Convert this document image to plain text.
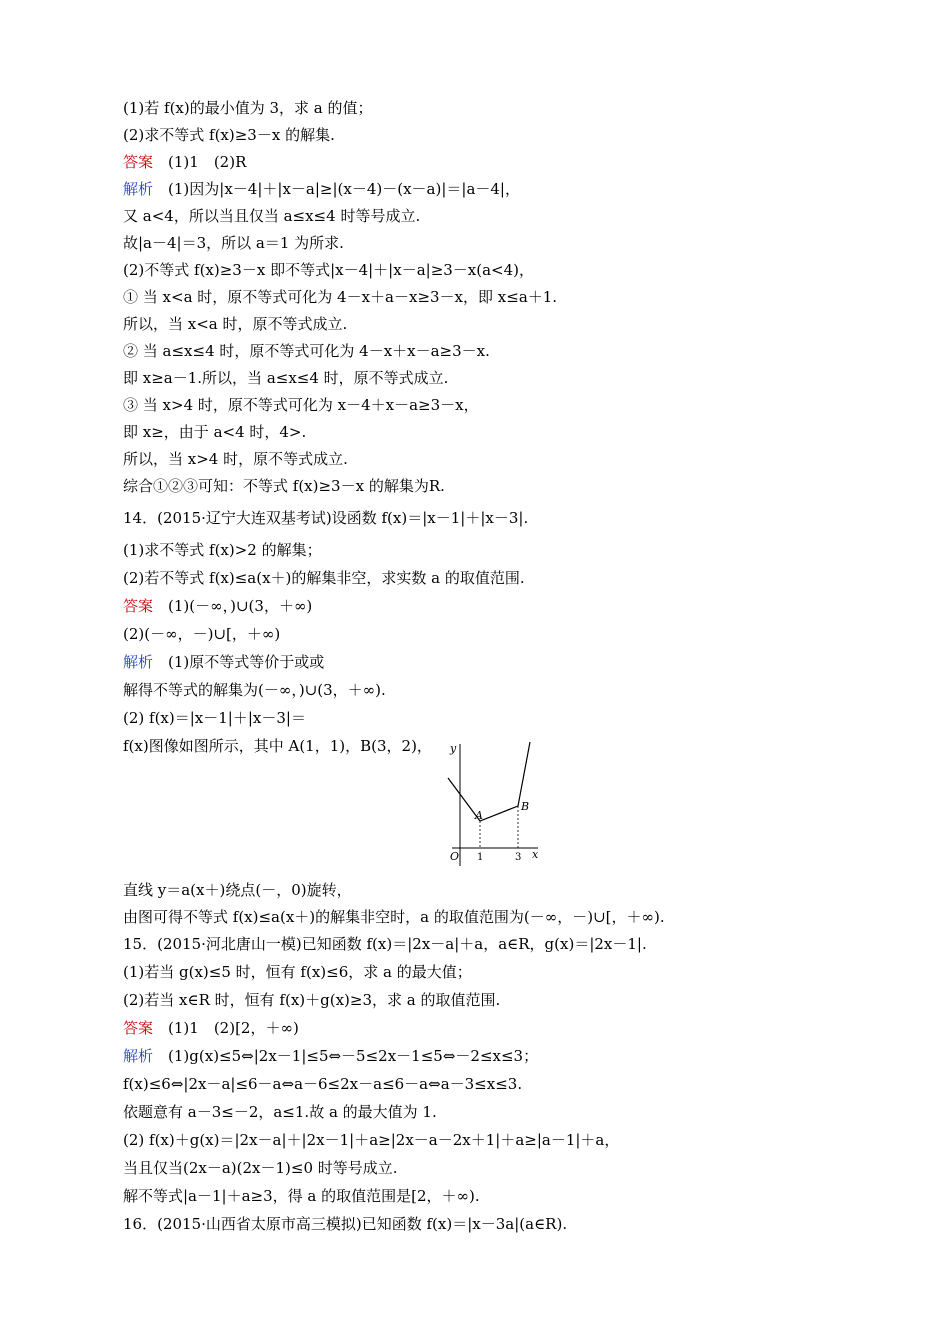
(1)若 f(x)的最小值为 3，求 a 的值；
(2)求不等式 f(x)≥3－x 的解集.
答案　 (1)1　(2)R
解析　 (1)因为|x－4|＋|x－a|≥|(x－4)－(x－a)|＝|a－4|，
又 a<4，所以当且仅当 a≤x≤4 时等号成立.
故|a－4|＝3，所以 a＝1 为所求.
(2)不等式 f(x)≥3－x 即不等式|x－4|＋|x－a|≥3－x(a<4)，
① 当 x<a 时，原不等式可化为 4－x＋a－x≥3－x，即 x≤a＋1.
所以，当 x<a 时，原不等式成立.
② 当 a≤x≤4 时，原不等式可化为 4－x＋x－a≥3－x.
即 x≥a－1.所以，当 a≤x≤4 时，原不等式成立.
③ 当 x>4 时，原不等式可化为 x－4＋x－a≥3－x，
即 x≥，由于 a<4 时，4>.
所以，当 x>4 时，原不等式成立.
综合①②③可知：不等式 f(x)≥3－x 的解集为R.
14．(2015·辽宁大连双基考试)设函数 f(x)＝|x－1|＋|x－3|.
(1)求不等式 f(x)>2 的解集；
(2)若不等式 f(x)≤a(x＋)的解集非空，求实数 a 的取值范围.
答案　 (1)(－∞，)∪(3，＋∞)
(2)(－∞，－)∪[，＋∞)
解析　 (1)原不等式等价于或或
解得不等式的解集为(－∞，)∪(3，＋∞).
(2) f(x)＝|x－1|＋|x－3|＝
f(x)图像如图所示，其中 A(1，1)，B(3，2)， y
x
O
A
B
1	3
直线 y＝a(x＋)绕点(－，0)旋转，
由图可得不等式 f(x)≤a(x＋)的解集非空时，a 的取值范围为(－∞，－)∪[，＋∞).
15．(2015·河北唐山一模)已知函数 f(x)＝|2x－a|＋a，a∈R，g(x)＝|2x－1|.
(1)若当 g(x)≤5 时，恒有 f(x)≤6，求 a 的最大值；
(2)若当 x∈R 时，恒有 f(x)＋g(x)≥3，求 a 的取值范围.
答案　 (1)1　(2)[2，＋∞)
解析　 (1)g(x)≤5⇔|2x－1|≤5⇔－5≤2x－1≤5⇔－2≤x≤3；
f(x)≤6⇔|2x－a|≤6－a⇔a－6≤2x－a≤6－a⇔a－3≤x≤3.
依题意有 a－3≤－2，a≤1.故 a 的最大值为 1.
(2) f(x)＋g(x)＝|2x－a|＋|2x－1|＋a≥|2x－a－2x＋1|＋a≥|a－1|＋a，
当且仅当(2x－a)(2x－1)≤0 时等号成立.
解不等式|a－1|＋a≥3，得 a 的取值范围是[2，＋∞).
16．(2015·山西省太原市高三模拟)已知函数 f(x)＝|x－3a|(a∈R).
